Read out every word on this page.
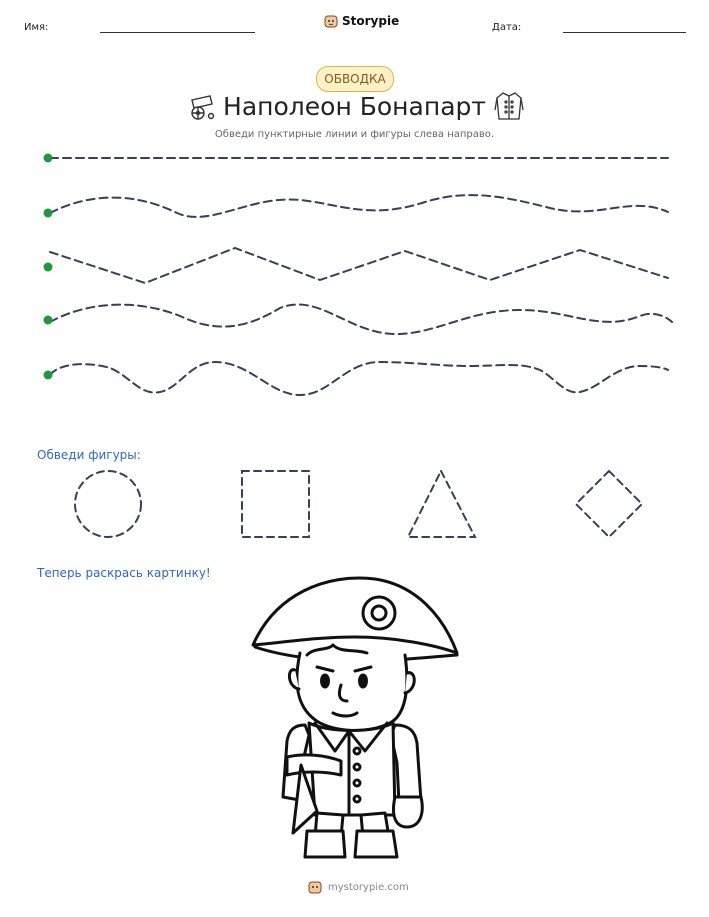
Имя:	Storypie	Дата:
ОБВОДКА
Наполеон Бонапарт
Обведи пунктирные линии и фигуры слева направо.
Обведи фигуры:
Теперь раскрась картинку!
mystorypie.com
